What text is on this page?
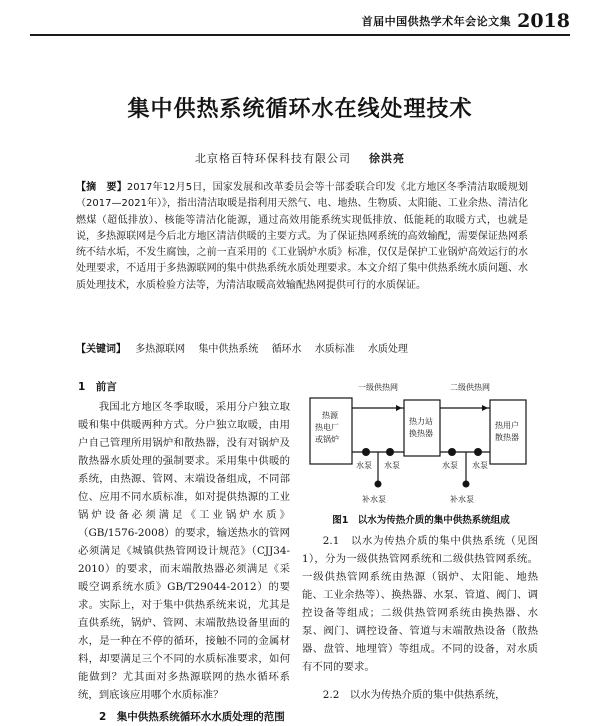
首届中国供热学术年会论文集 2018
集中供热系统循环水在线处理技术
北京格百特环保科技有限公司 徐洪亮
【摘　要】2017年12月5日，国家发展和改革委员会等十部委联合印发《北方地区冬季清洁取暖规划（2017—2021年）》，指出清洁取暖是指利用天然气、电、地热、生物质、太阳能、工业余热、清洁化燃煤（超低排放）、核能等清洁化能源，通过高效用能系统实现低排放、低能耗的取暖方式，也就是说，多热源联网是今后北方地区清洁供暖的主要方式。为了保证热网系统的高效输配，需要保证热网系统不结水垢，不发生腐蚀，之前一直采用的《工业锅炉水质》标准，仅仅是保护工业锅炉高效运行的水处理要求，不适用于多热源联网的集中供热系统水质处理要求。本文介绍了集中供热系统水质问题、水质处理技术，水质检验方法等，为清洁取暖高效输配热网提供可行的水质保证。
【关键词】 多热源联网 集中供热系统 循环水 水质标准 水质处理
1　前言

我国北方地区冬季取暖，采用分户独立取暖和集中供暖两种方式。分户独立取暖，由用户自己管理所用锅炉和散热器，没有对锅炉及散热器水质处理的强制要求。采用集中供暖的系统，由热源、管网、末端设备组成，不同部位、应用不同水质标准，如对提供热源的工业锅炉设备必须满足《工业锅炉水质》（GB/1576-2008）的要求，输送热水的管网必须满足《城镇供热管网设计规范》（CJJ34-2010）的要求，而末端散热器必须满足《采暖空调系统水质》GB/T29044-2012）的要求。实际上，对于集中供热系统来说，尤其是直供系统，锅炉、管网、末端散热设备里面的水，是一种在不停的循环，接触不同的金属材料，却要满足三个不同的水质标准要求，如何能做到？尤其面对多热源联网的热水循环系统，到底该应用哪个水质标准？

2　集中供热系统循环水水质处理的范围
一级供热网	二级供热网
热源
热电厂
或锅炉
热力站
换热器
热用户
散热器
水泵 水泵	水泵 水泵
补水泵	补水泵
图1　以水为传热介质的集中供热系统组成

2.1　以水为传热介质的集中供热系统（见图1），分为一级供热管网系统和二级供热管网系统。一级供热管网系统由热源（锅炉、太阳能、地热能、工业余热等）、换热器、水泵、管道、阀门、调控设备等组成；二级供热管网系统由换热器、水泵、阀门、调控设备、管道与末端散热设备（散热器、盘管、地埋管）等组成。不同的设备，对水质有不同的要求。

2.2　以水为传热介质的集中供热系统，
